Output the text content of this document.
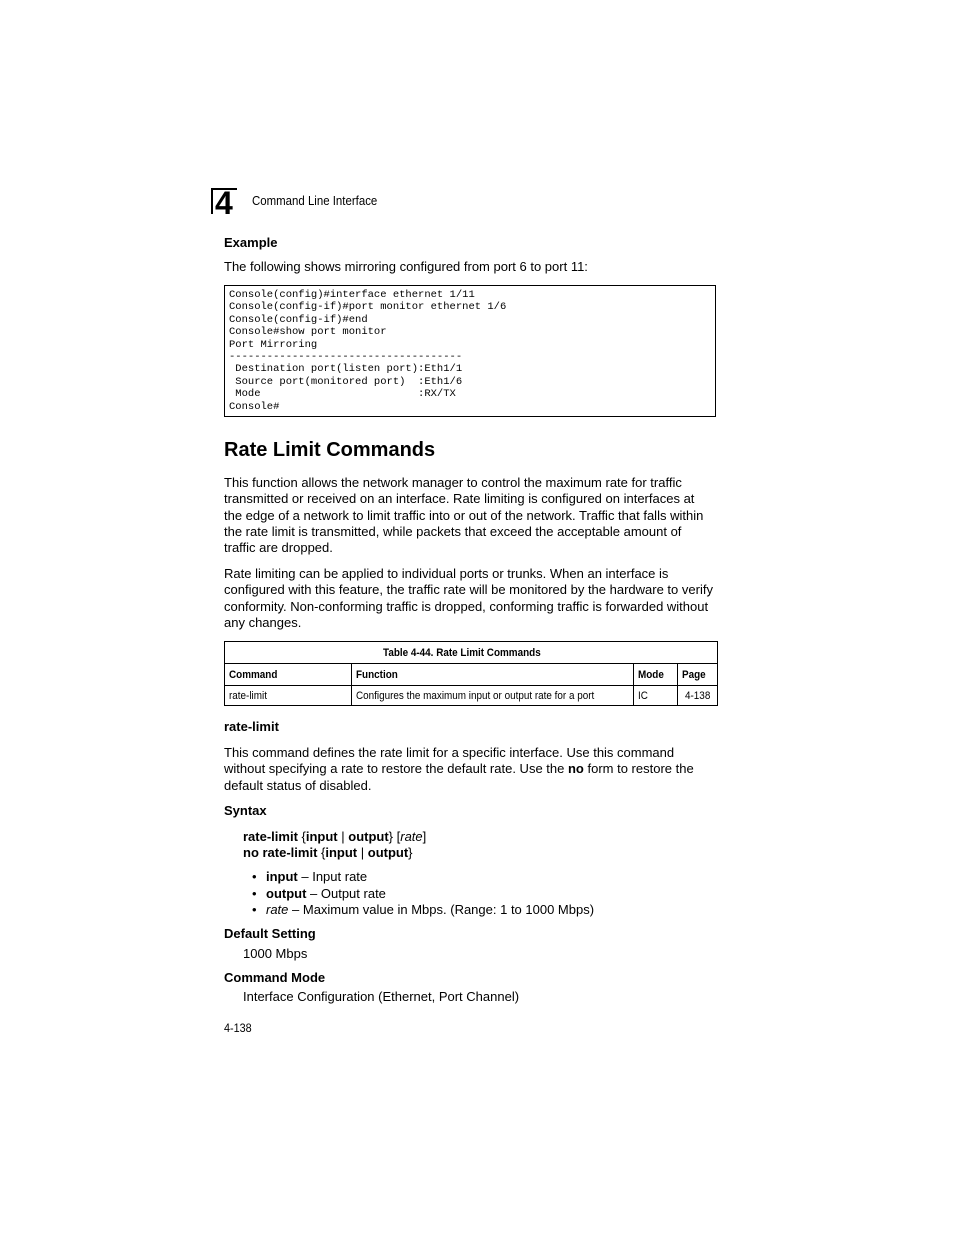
4	Command Line Interface
Example
The following shows mirroring configured from port 6 to port 11:
Console(config)#interface ethernet 1/11
Console(config-if)#port monitor ethernet 1/6
Console(config-if)#end
Console#show port monitor
Port Mirroring
-------------------------------------
Destination port(listen port):Eth1/1
Source port(monitored port)  :Eth1/6
Mode                         :RX/TX
Console#
Rate Limit Commands
This function allows the network manager to control the maximum rate for traffic transmitted or received on an interface. Rate limiting is configured on interfaces at the edge of a network to limit traffic into or out of the network. Traffic that falls within the rate limit is transmitted, while packets that exceed the acceptable amount of traffic are dropped.
Rate limiting can be applied to individual ports or trunks. When an interface is configured with this feature, the traffic rate will be monitored by the hardware to verify conformity. Non-conforming traffic is dropped, conforming traffic is forwarded without any changes.
Table 4-44. Rate Limit Commands			
Command	Function	Mode	Page
rate-limit	Configures the maximum input or output rate for a port	IC	4-138
rate-limit
This command defines the rate limit for a specific interface. Use this command without specifying a rate to restore the default rate. Use the no form to restore the default status of disabled.
Syntax
rate-limit {input | output} [rate]
no rate-limit {input | output}
• input – Input rate
• output – Output rate
• rate – Maximum value in Mbps. (Range: 1 to 1000 Mbps)
Default Setting
1000 Mbps
Command Mode
Interface Configuration (Ethernet, Port Channel)
4-138
